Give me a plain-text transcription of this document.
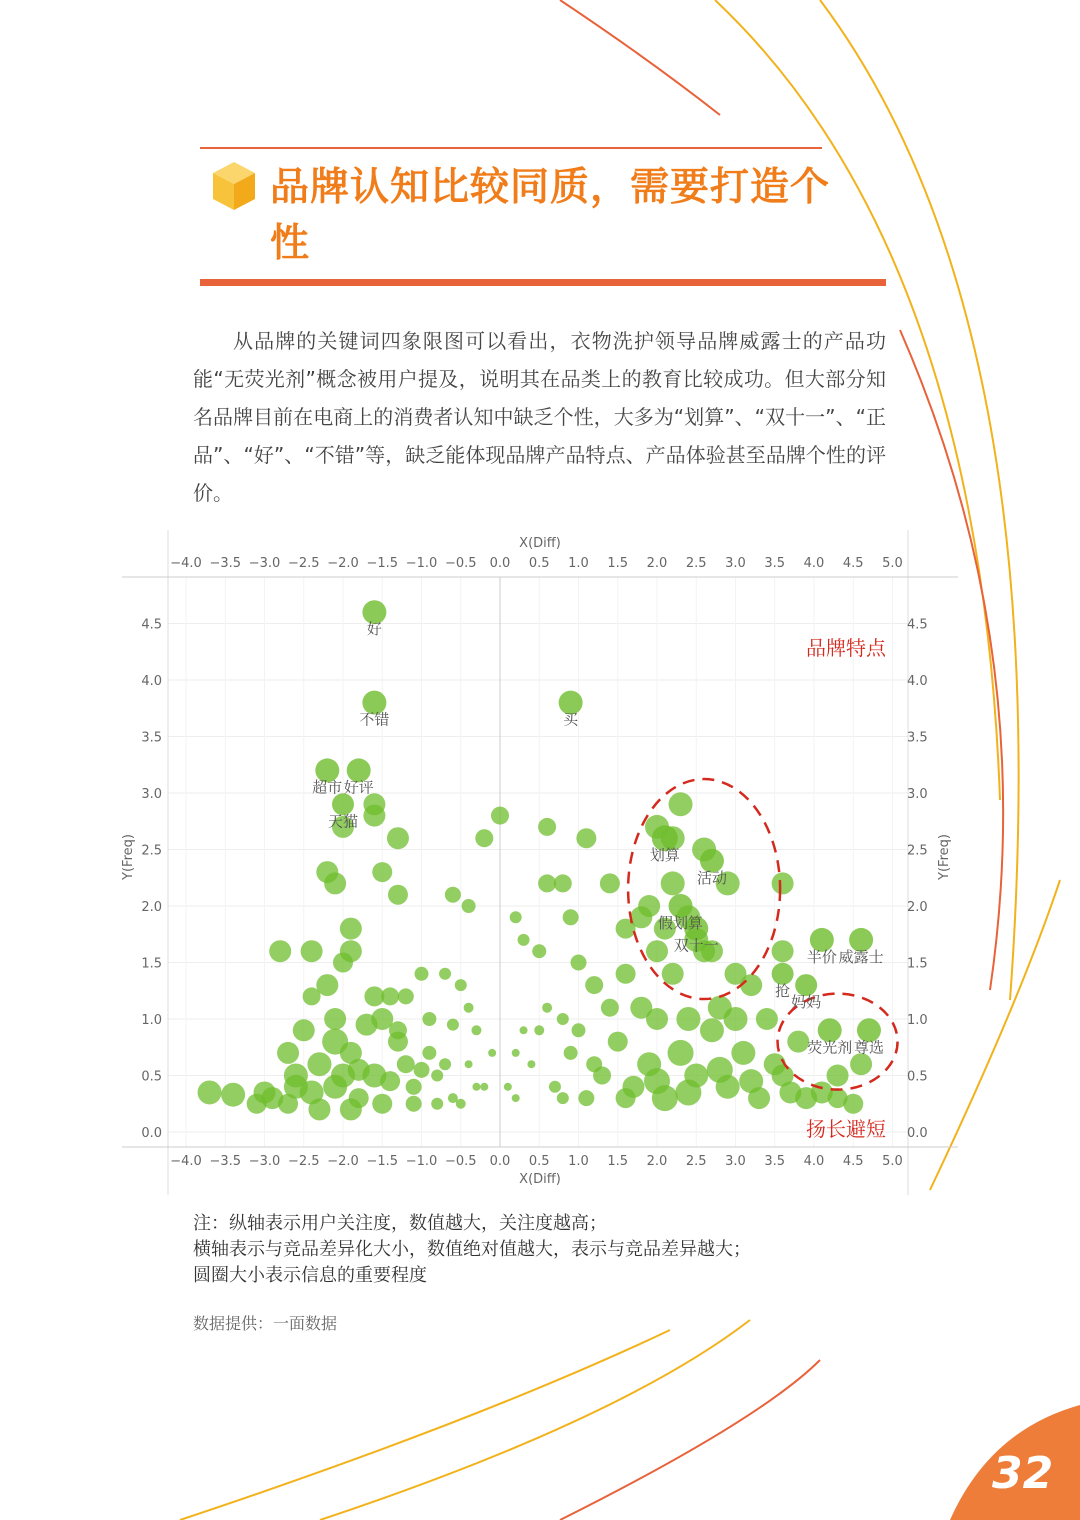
品牌认知比较同质，需要打造个性

从品牌的关键词四象限图可以看出，衣物洗护领导品牌威露士的产品功能“无荧光剂”概念被用户提及，说明其在品类上的教育比较成功。但大部分知名品牌目前在电商上的消费者认知中缺乏个性，大多为“划算”、“双十一”、“正品”、“好”、“不错”等，缺乏能体现品牌产品特点、产品体验甚至品牌个性的评价。

0.0	0.0
0.5	0.5
1.0	1.0
1.5	1.5
2.0	2.0
2.5	2.5
3.0	3.0
3.5	3.5
4.0	4.0
4.5	4.5
−4.0
−4.0
−3.5
−3.5
−3.0
−3.0
−2.5
−2.5
−2.0
−2.0
−1.5
−1.5
−1.0
−1.0
−0.5
−0.5
0.0
0.0
0.5
0.5
1.0
1.0
1.5
1.5
2.0
2.0
2.5
2.5
3.0
3.0
3.5
3.5
4.0
4.0
4.5
4.5
5.0
5.0
X(Diff)
X(Diff)
Y(Freq)	Y(Freq)
好
不错	买
超市 好评
天猫
划算
活动
假划算
双十一
半价 威露士
抢
妈妈
荧光剂 尊选
品牌特点
扬长避短
注：纵轴表示用户关注度，数值越大，关注度越高；
横轴表示与竞品差异化大小，数值绝对值越大，表示与竞品差异越大；
圆圈大小表示信息的重要程度
数据提供：一面数据
32
